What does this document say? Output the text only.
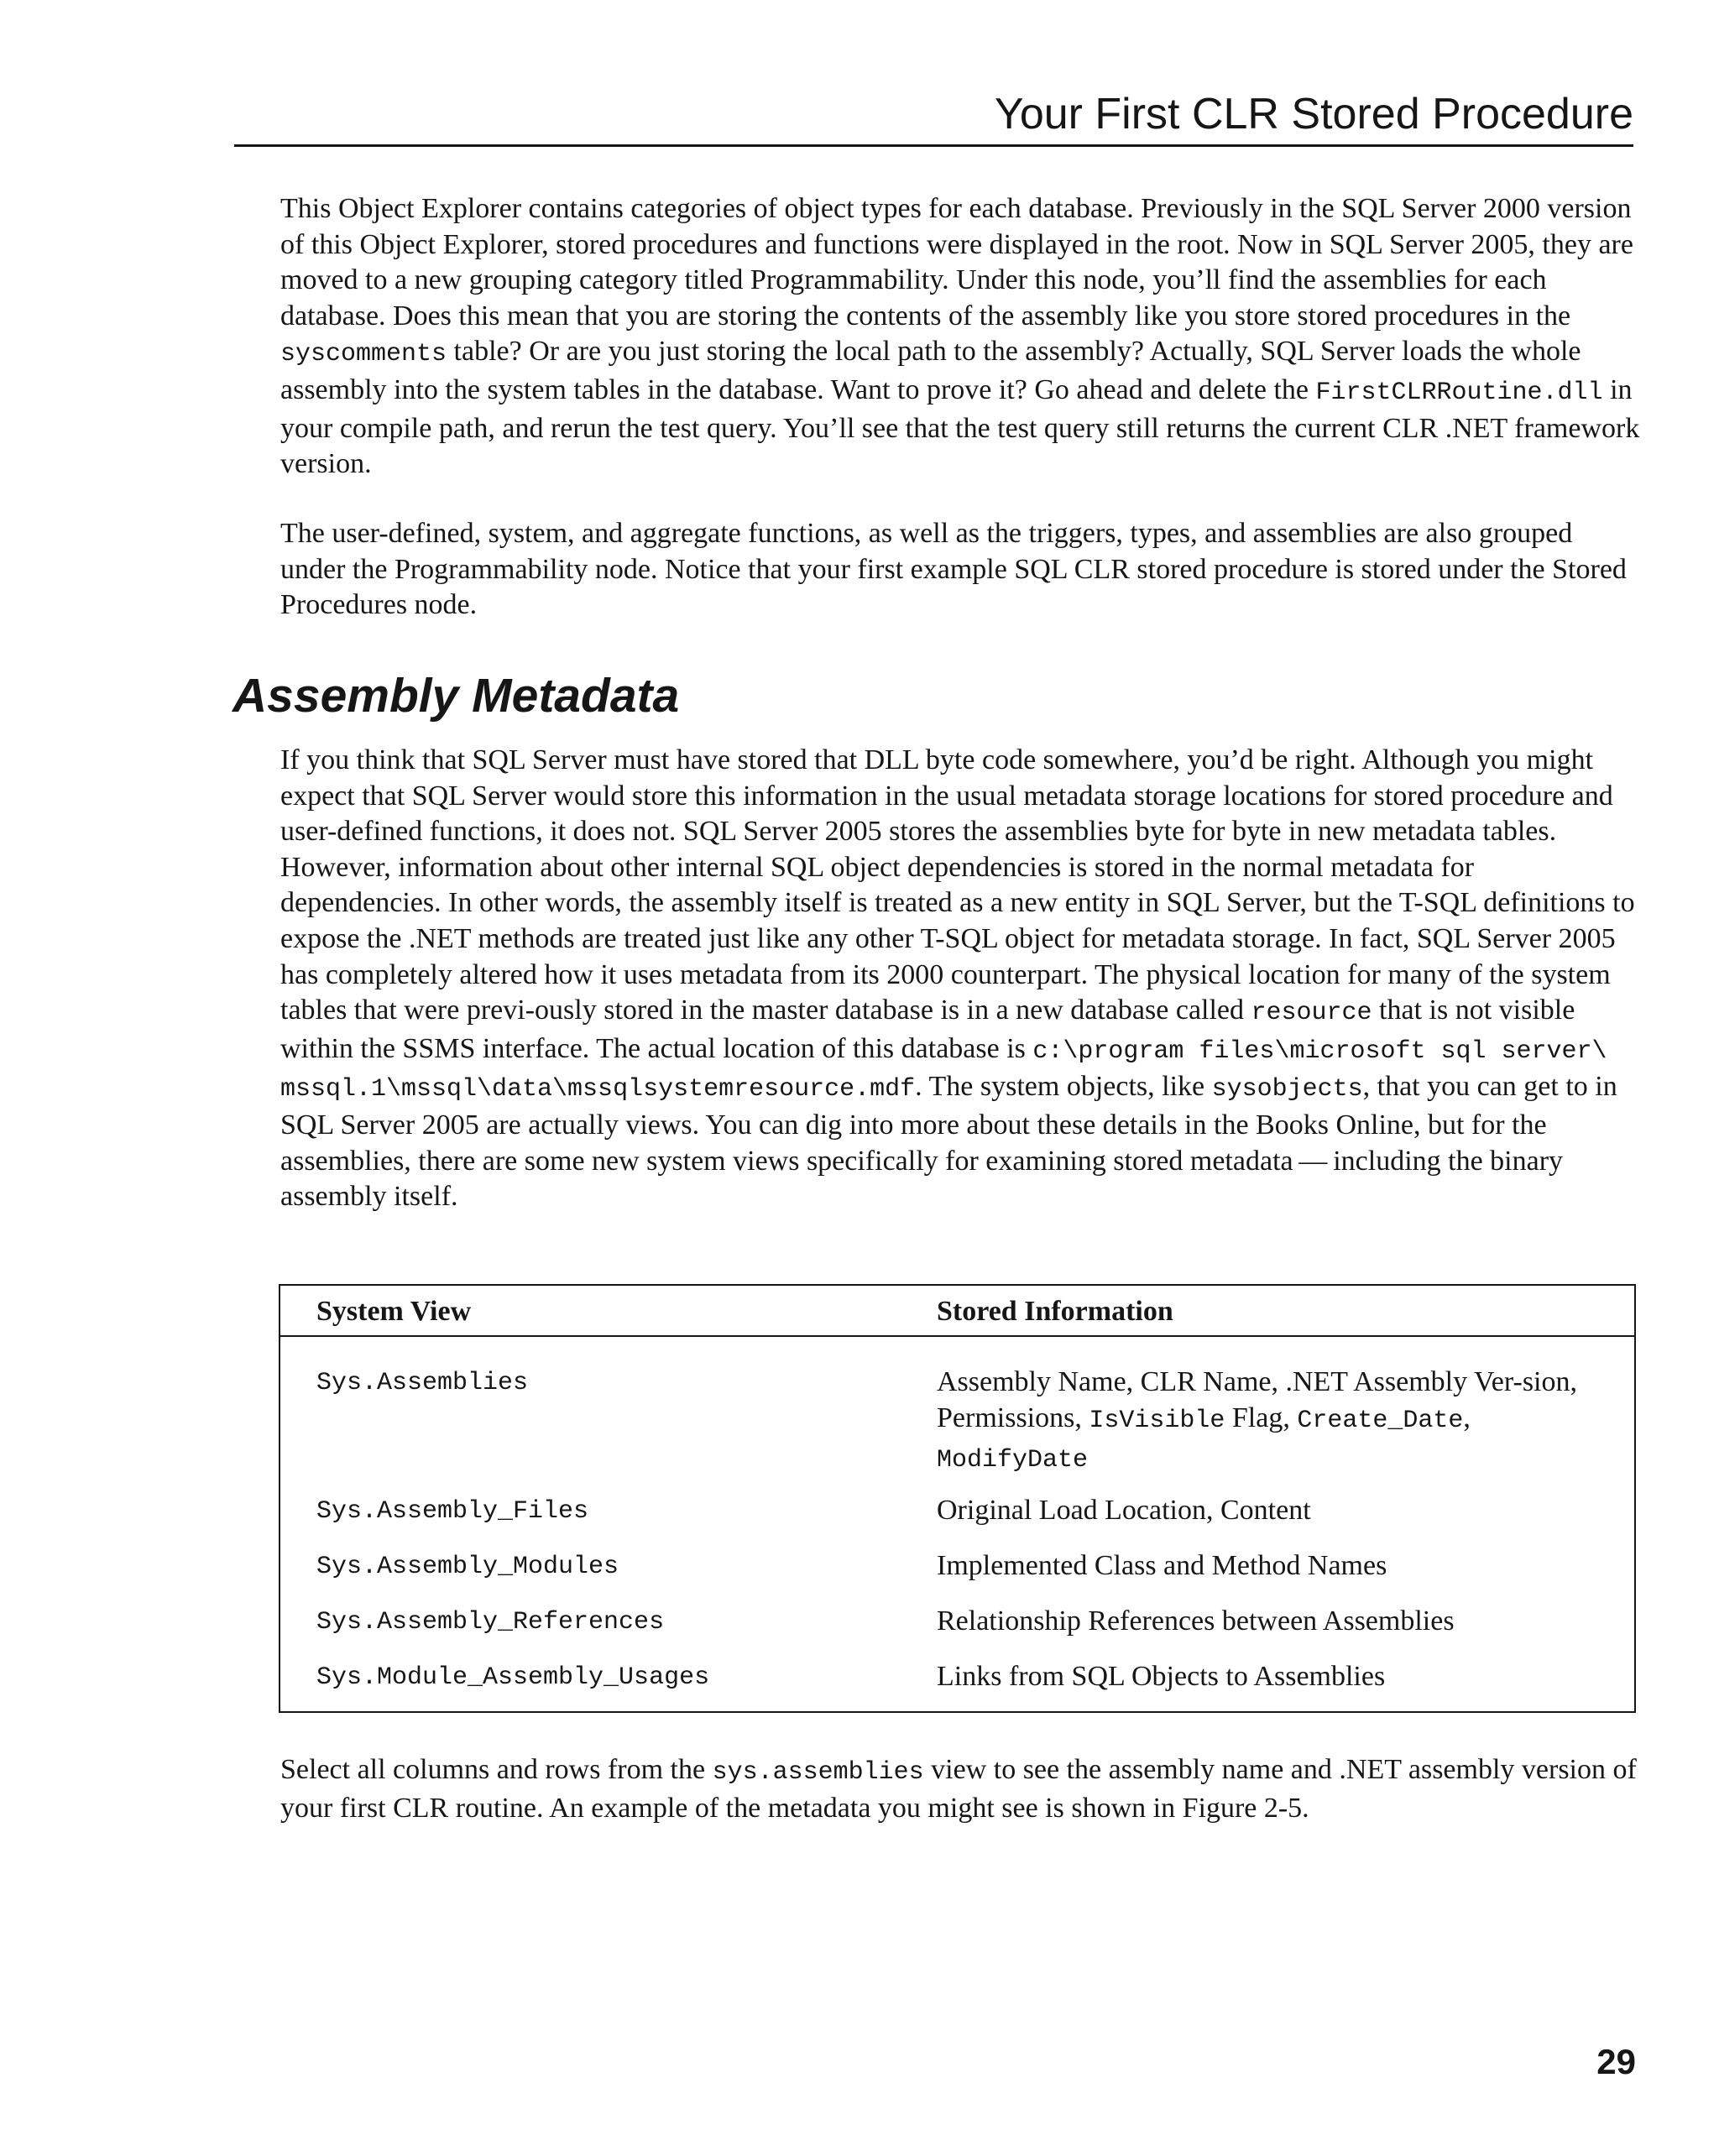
Your First CLR Stored Procedure

This Object Explorer contains categories of object types for each database. Previously in the SQL Server 2000 version of this Object Explorer, stored procedures and functions were displayed in the root. Now in SQL Server 2005, they are moved to a new grouping category titled Programmability. Under this node, you’ll find the assemblies for each database. Does this mean that you are storing the contents of the assembly like you store stored procedures in the syscomments table? Or are you just storing the local path to the assembly? Actually, SQL Server loads the whole assembly into the system tables in the database. Want to prove it? Go ahead and delete the FirstCLRRoutine.dll in your compile path, and rerun the test query. You’ll see that the test query still returns the current CLR .NET framework version.

The user-defined, system, and aggregate functions, as well as the triggers, types, and assemblies are also grouped under the Programmability node. Notice that your first example SQL CLR stored procedure is stored under the Stored Procedures node.

Assembly Metadata

If you think that SQL Server must have stored that DLL byte code somewhere, you’d be right. Although you might expect that SQL Server would store this information in the usual metadata storage locations for stored procedure and user-defined functions, it does not. SQL Server 2005 stores the assemblies byte for byte in new metadata tables. However, information about other internal SQL object dependencies is stored in the normal metadata for dependencies. In other words, the assembly itself is treated as a new entity in SQL Server, but the T-SQL definitions to expose the .NET methods are treated just like any other T-SQL object for metadata storage. In fact, SQL Server 2005 has completely altered how it uses metadata from its 2000 counterpart. The physical location for many of the system tables that were previ-ously stored in the master database is in a new database called resource that is not visible within the SSMS interface. The actual location of this database is c:\program files\microsoft sql server\ mssql.1\mssql\data\mssqlsystemresource.mdf. The system objects, like sysobjects, that you can get to in SQL Server 2005 are actually views. You can dig into more about these details in the Books Online, but for the assemblies, there are some new system views specifically for examining stored metadata — including the binary assembly itself.

System View	Stored Information
Sys.Assemblies	Assembly Name, CLR Name, .NET Assembly Ver-sion, Permissions, IsVisible Flag, Create_Date, ModifyDate
Sys.Assembly_Files	Original Load Location, Content
Sys.Assembly_Modules	Implemented Class and Method Names
Sys.Assembly_References	Relationship References between Assemblies
Sys.Module_Assembly_Usages	Links from SQL Objects to Assemblies

Select all columns and rows from the sys.assemblies view to see the assembly name and .NET assembly version of your first CLR routine. An example of the metadata you might see is shown in Figure 2-5.

29
